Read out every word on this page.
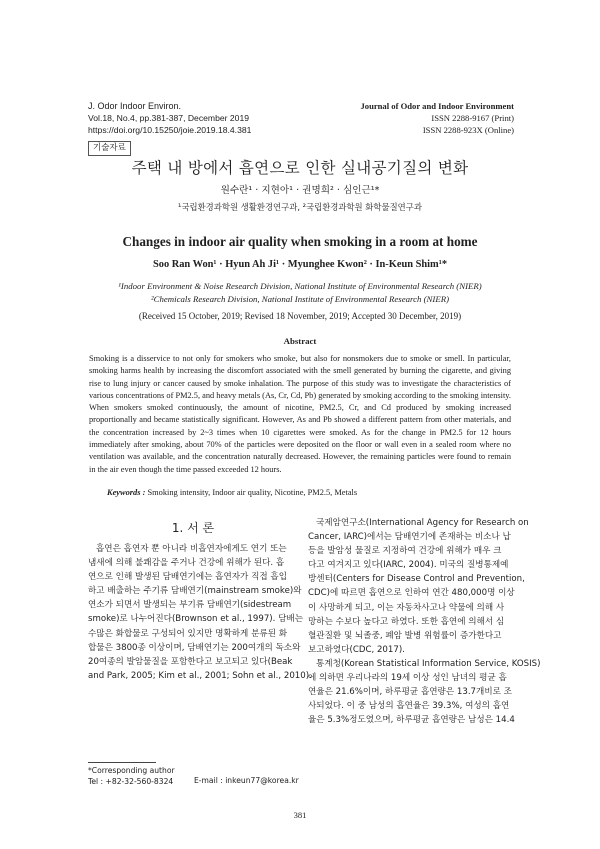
J. Odor Indoor Environ.
Vol.18, No.4, pp.381-387, December 2019
https://doi.org/10.15250/joie.2019.18.4.381
Journal of Odor and Indoor Environment
ISSN 2288-9167 (Print)
ISSN 2288-923X (Online)
기술자료
주택 내 방에서 흡연으로 인한 실내공기질의 변화
원수란¹ · 지현아¹ · 권명희² · 심인근¹*
¹국립환경과학원 생활환경연구과, ²국립환경과학원 화학물질연구과
Changes in indoor air quality when smoking in a room at home
Soo Ran Won¹ · Hyun Ah Ji¹ · Myunghee Kwon² · In-Keun Shim¹*
¹Indoor Environment & Noise Research Division, National Institute of Environmental Research (NIER)
²Chemicals Research Division, National Institute of Environmental Research (NIER)
(Received 15 October, 2019; Revised 18 November, 2019; Accepted 30 December, 2019)
Abstract
Smoking is a disservice to not only for smokers who smoke, but also for nonsmokers due to smoke or smell. In particular, smoking harms health by increasing the discomfort associated with the smell generated by burning the cigarette, and giving rise to lung injury or cancer caused by smoke inhalation. The purpose of this study was to investigate the characteristics of various concentrations of PM2.5, and heavy metals (As, Cr, Cd, Pb) generated by smoking according to the smoking intensity. When smokers smoked continuously, the amount of nicotine, PM2.5, Cr, and Cd produced by smoking increased proportionally and became statistically significant. However, As and Pb showed a different pattern from other materials, and the concentration increased by 2~3 times when 10 cigarettes were smoked. As for the change in PM2.5 for 12 hours immediately after smoking, about 70% of the particles were deposited on the floor or wall even in a sealed room where no ventilation was available, and the concentration naturally decreased. However, the remaining particles were found to remain in the air even though the time passed exceeded 12 hours.
Keywords : Smoking intensity, Indoor air quality, Nicotine, PM2.5, Metals
1. 서 론
흡연은 흡연자 뿐 아니라 비흡연자에게도 연기 또는
냄새에 의해 불쾌감을 주거나 건강에 위해가 된다. 흡
연으로 인해 발생된 담배연기에는 흡연자가 직접 흡입
하고 배출하는 주기류 담배연기(mainstream smoke)와
연소가 되면서 발생되는 부기류 담배연기(sidestream
smoke)로 나누어진다(Brownson et al., 1997). 담배는
수많은 화합물로 구성되어 있지만 명확하게 분류된 화
합물은 3800종 이상이며, 담배연기는 200여개의 독소와
20여종의 발암물질을 포함한다고 보고되고 있다(Beak
and Park, 2005; Kim et al., 2001; Sohn et al., 2010).
국제암연구소(International Agency for Research on
Cancer, IARC)에서는 담배연기에 존재하는 비소나 납
등을 발암성 물질로 지정하여 건강에 위해가 매우 크
다고 여겨지고 있다(IARC, 2004). 미국의 질병통제예
방센터(Centers for Disease Control and Prevention,
CDC)에 따르면 흡연으로 인하여 연간 480,000명 이상
이 사망하게 되고, 이는 자동차사고나 약물에 의해 사
망하는 수보다 높다고 하였다. 또한 흡연에 의해서 심
혈관질환 및 뇌졸중, 폐암 발병 위험률이 증가한다고
보고하였다(CDC, 2017).
통계청(Korean Statistical Information Service, KOSIS)
에 의하면 우리나라의 19세 이상 성인 남녀의 평균 흡
연율은 21.6%이며, 하루평균 흡연량은 13.7개비로 조
사되었다. 이 중 남성의 흡연율은 39.3%, 여성의 흡연
율은 5.3%정도였으며, 하루평균 흡연량은 남성은 14.4
*Corresponding author
Tel : +82-32-560-8324	E-mail : inkeun77@korea.kr
381
